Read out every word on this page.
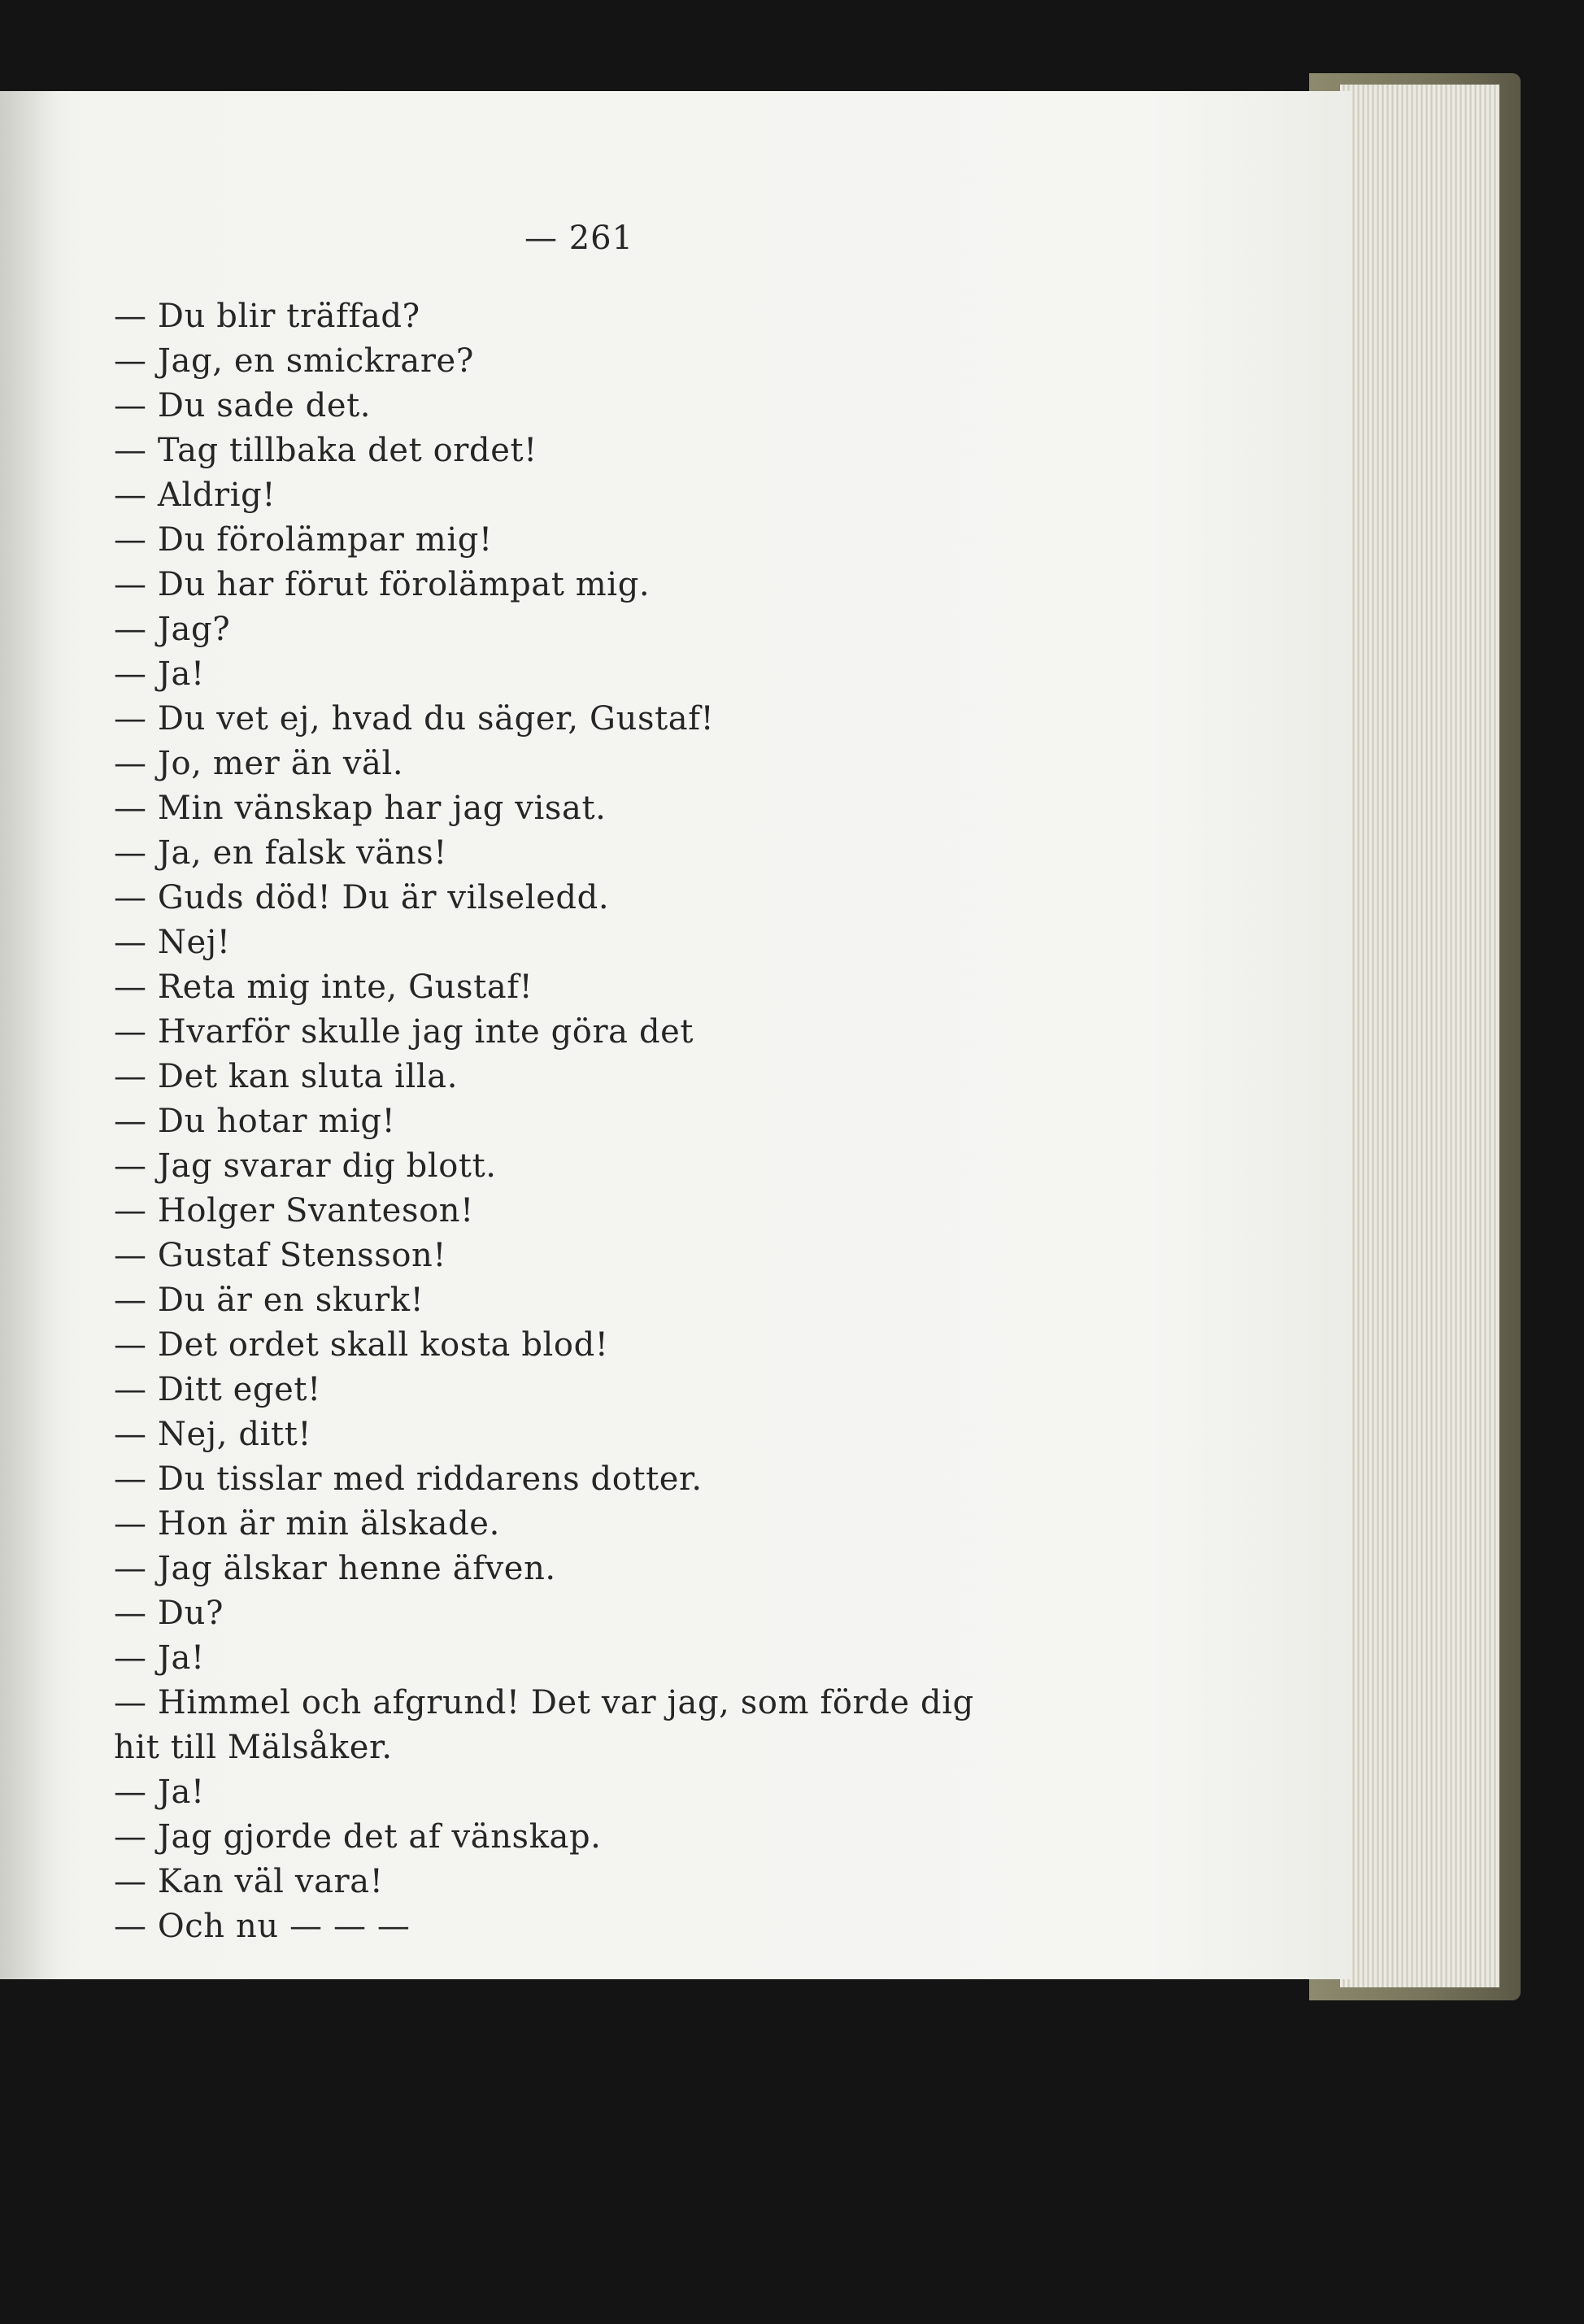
— 261
— Du blir träffad?
— Jag, en smickrare?
— Du sade det.
— Tag tillbaka det ordet!
— Aldrig!
— Du förolämpar mig!
— Du har förut förolämpat mig.
— Jag?
— Ja!
— Du vet ej, hvad du säger, Gustaf!
— Jo, mer än väl.
— Min vänskap har jag visat.
— Ja, en falsk väns!
— Guds död! Du är vilseledd.
— Nej!
— Reta mig inte, Gustaf!
— Hvarför skulle jag inte göra det
— Det kan sluta illa.
— Du hotar mig!
— Jag svarar dig blott.
— Holger Svanteson!
— Gustaf Stensson!
— Du är en skurk!
— Det ordet skall kosta blod!
— Ditt eget!
— Nej, ditt!
— Du tisslar med riddarens dotter.
— Hon är min älskade.
— Jag älskar henne äfven.
— Du?
— Ja!
— Himmel och afgrund! Det var jag, som förde dig
hit till Mälsåker.
— Ja!
— Jag gjorde det af vänskap.
— Kan väl vara!
— Och nu — — —
